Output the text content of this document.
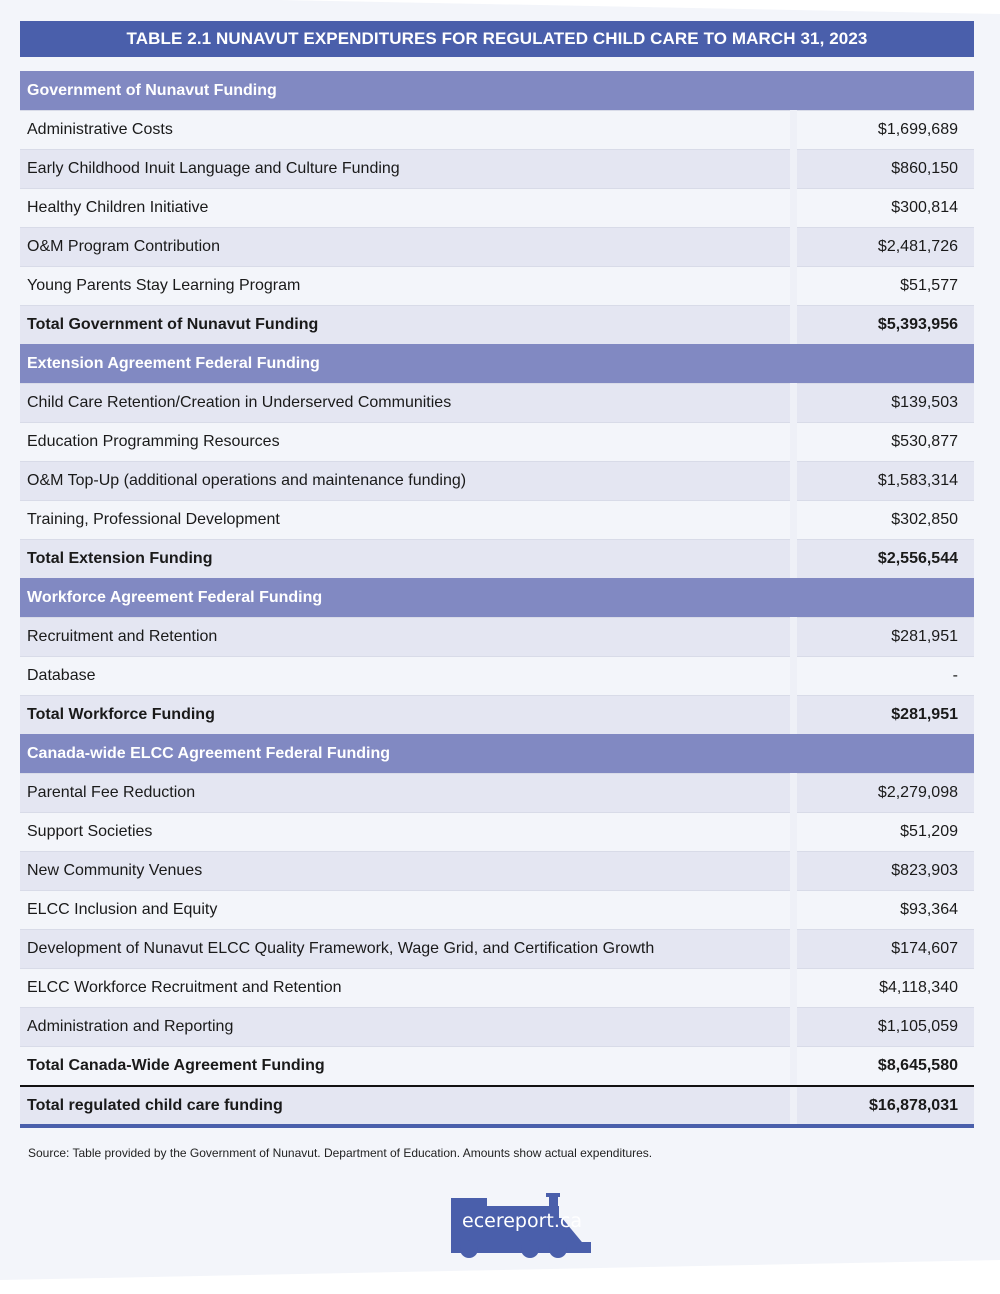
TABLE 2.1 NUNAVUT EXPENDITURES FOR REGULATED CHILD CARE TO MARCH 31, 2023
Government of Nunavut Funding
Administrative Costs	$1,699,689
Early Childhood Inuit Language and Culture Funding	$860,150
Healthy Children Initiative	$300,814
O&M Program Contribution	$2,481,726
Young Parents Stay Learning Program	$51,577
Total Government of Nunavut Funding	$5,393,956
Extension Agreement Federal Funding
Child Care Retention/Creation in Underserved Communities	$139,503
Education Programming Resources	$530,877
O&M Top-Up (additional operations and maintenance funding)	$1,583,314
Training, Professional Development	$302,850
Total Extension Funding	$2,556,544
Workforce Agreement Federal Funding
Recruitment and Retention	$281,951
Database	-
Total Workforce Funding	$281,951
Canada-wide ELCC Agreement Federal Funding
Parental Fee Reduction	$2,279,098
Support Societies	$51,209
New Community Venues	$823,903
ELCC Inclusion and Equity	$93,364
Development of Nunavut ELCC Quality Framework, Wage Grid, and Certification Growth	$174,607
ELCC Workforce Recruitment and Retention	$4,118,340
Administration and Reporting	$1,105,059
Total Canada-Wide Agreement Funding	$8,645,580
Total regulated child care funding	$16,878,031
Source: Table provided by the Government of Nunavut. Department of Education. Amounts show actual expenditures.
ecereport.ca
